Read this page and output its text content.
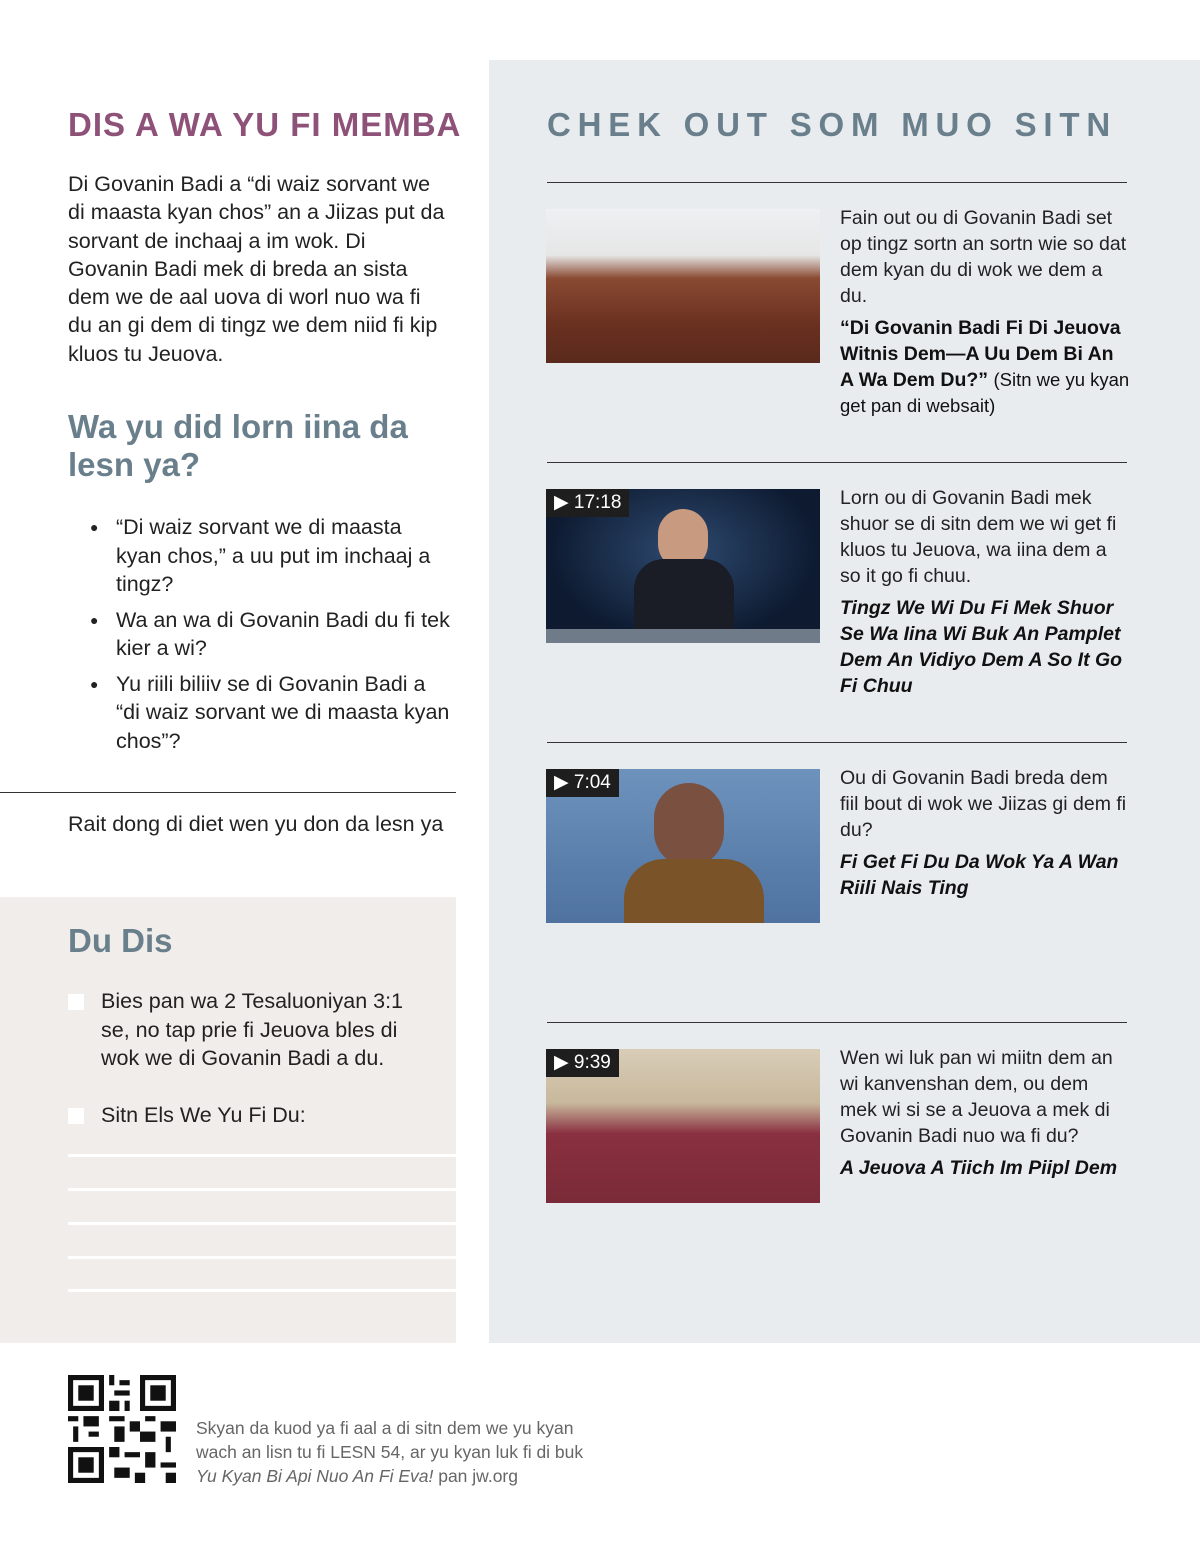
DIS A WA YU FI MEMBA

Di Govanin Badi a “di waiz sorvant we di maasta kyan chos” an a Jiizas put da sorvant de inchaaj a im wok. Di Govanin Badi mek di breda an sista dem we de aal uova di worl nuo wa fi du an gi dem di tingz we dem niid fi kip kluos tu Jeuova.

Wa yu did lorn iina da lesn ya?
● “Di waiz sorvant we di maasta kyan chos,” a uu put im inchaaj a tingz?
● Wa an wa di Govanin Badi du fi tek kier a wi?
● Yu riili biliiv se di Govanin Badi a “di waiz sorvant we di maasta kyan chos”?

Rait dong di diet wen yu don da lesn ya

Du Dis

Bies pan wa 2 Tesaluoniyan 3:1 se, no tap prie fi Jeuova bles di wok we di Govanin Badi a du.

Sitn Els We Yu Fi Du:

CHEK OUT SOM MUO SITN
Fain out ou di Govanin Badi set op tingz sortn an sortn wie so dat dem kyan du di wok we dem a du.
“Di Govanin Badi Fi Di Jeuova Witnis Dem—A Uu Dem Bi An A Wa Dem Du?” (Sitn we yu kyan get pan di websait)
▶ 17:18	Lorn ou di Govanin Badi mek shuor se di sitn dem we wi get fi kluos tu Jeuova, wa iina dem a so it go fi chuu.
Tingz We Wi Du Fi Mek Shuor Se Wa Iina Wi Buk An Pamplet Dem An Vidiyo Dem A So It Go Fi Chuu
▶ 7:04	Ou di Govanin Badi breda dem fiil bout di wok we Jiizas gi dem fi du?
Fi Get Fi Du Da Wok Ya A Wan Riili Nais Ting
▶ 9:39	Wen wi luk pan wi miitn dem an wi kanvenshan dem, ou dem mek wi si se a Jeuova a mek di Govanin Badi nuo wa fi du?
A Jeuova A Tiich Im Piipl Dem
Skyan da kuod ya fi aal a di sitn dem we yu kyan
wach an lisn tu fi LESN 54, ar yu kyan luk fi di buk
Yu Kyan Bi Api Nuo An Fi Eva! pan jw.org
